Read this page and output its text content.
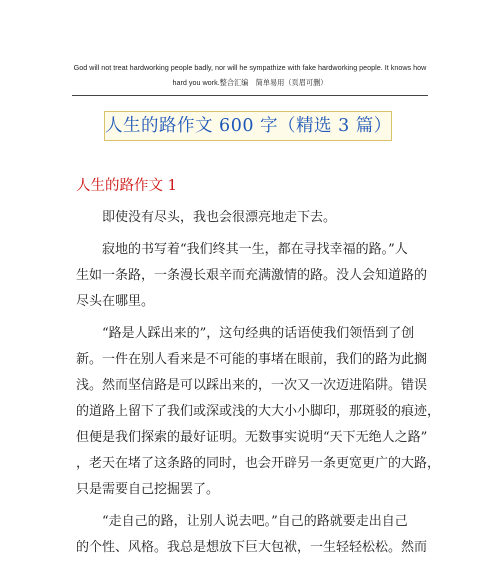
God will not treat hardworking people badly, nor will he sympathize with fake hardworking people. It knows how
hard you work.整合汇编　简单易用（页眉可删）
人生的路作文 600 字（精选 3 篇）
人生的路作文 1
即使没有尽头，我也会很漂亮地走下去。
寂地的书写着“我们终其一生，都在寻找幸福的路。”人
生如一条路，一条漫长艰辛而充满激情的路。没人会知道路的
尽头在哪里。
“路是人踩出来的”，这句经典的话语使我们领悟到了创
新。一件在别人看来是不可能的事堵在眼前，我们的路为此搁
浅。然而坚信路是可以踩出来的，一次又一次迈进陷阱。错误
的道路上留下了我们或深或浅的大大小小脚印，那斑驳的痕迹，
但便是我们探索的最好证明。无数事实说明“天下无绝人之路”
，老天在堵了这条路的同时，也会开辟另一条更宽更广的大路，
只是需要自己挖掘罢了。
“走自己的路，让别人说去吧。”自己的路就要走出自己
的个性、风格。我总是想放下巨大包袱，一生轻轻松松。然而
